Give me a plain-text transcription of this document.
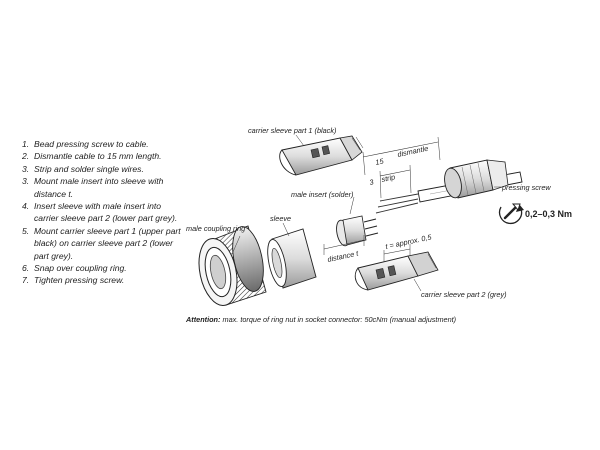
1. Bead pressing screw to cable.
2. Dismantle cable to 15 mm length.
3. Strip and solder single wires.
3. Mount male insert into sleeve with distance t.
4. Insert sleeve with male insert into carrier sleeve part 2 (lower part grey).
5. Mount carrier sleeve part 1 (upper part black) on carrier sleeve part 2 (lower part grey).
6. Snap over coupling ring.
7. Tighten pressing screw.
carrier sleeve part 1 (black)
dismantle
15
3 strip
male insert (solder)
pressing screw
0,2–0,3 Nm
male coupling ring
sleeve
distance t
t = approx. 0,5
carrier sleeve part 2 (grey)
Attention: max. torque of ring nut in socket connector: 50cNm (manual adjustment)
